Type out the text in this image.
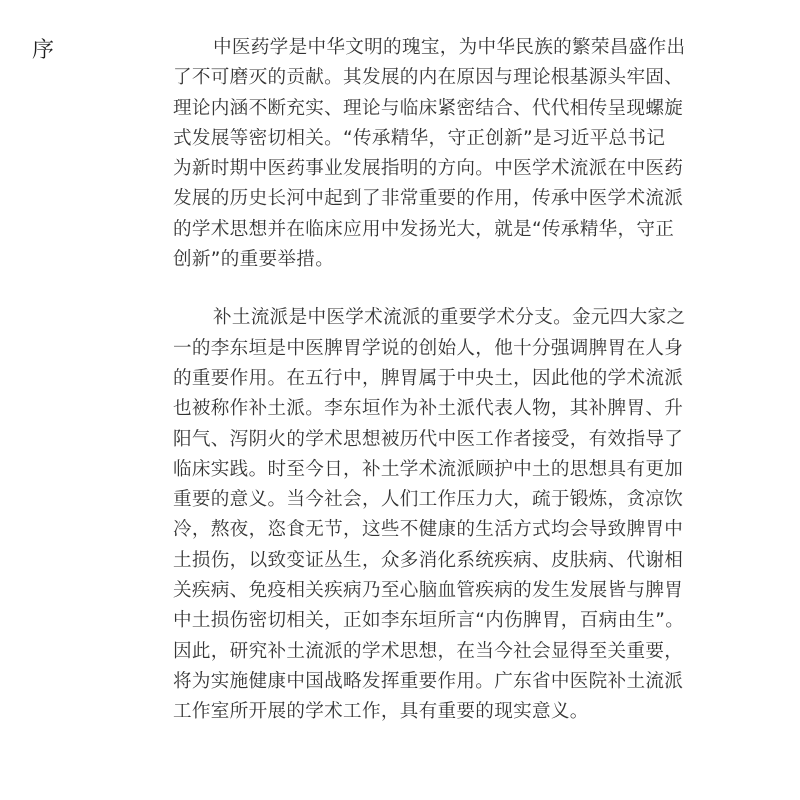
序	中医药学是中华文明的瑰宝，为中华民族的繁荣昌盛作出
了不可磨灭的贡献。其发展的内在原因与理论根基源头牢固、
理论内涵不断充实、理论与临床紧密结合、代代相传呈现螺旋
式发展等密切相关。“传承精华，守正创新”是习近平总书记
为新时期中医药事业发展指明的方向。中医学术流派在中医药
发展的历史长河中起到了非常重要的作用，传承中医学术流派
的学术思想并在临床应用中发扬光大，就是“传承精华，守正
创新”的重要举措。

补土流派是中医学术流派的重要学术分支。金元四大家之
一的李东垣是中医脾胃学说的创始人，他十分强调脾胃在人身
的重要作用。在五行中，脾胃属于中央土，因此他的学术流派
也被称作补土派。李东垣作为补土派代表人物，其补脾胃、升
阳气、泻阴火的学术思想被历代中医工作者接受，有效指导了
临床实践。时至今日，补土学术流派顾护中土的思想具有更加
重要的意义。当今社会，人们工作压力大，疏于锻炼，贪凉饮
冷，熬夜，恣食无节，这些不健康的生活方式均会导致脾胃中
土损伤，以致变证丛生，众多消化系统疾病、皮肤病、代谢相
关疾病、免疫相关疾病乃至心脑血管疾病的发生发展皆与脾胃
中土损伤密切相关，正如李东垣所言“内伤脾胃，百病由生”。
因此，研究补土流派的学术思想，在当今社会显得至关重要，
将为实施健康中国战略发挥重要作用。广东省中医院补土流派
工作室所开展的学术工作，具有重要的现实意义。
